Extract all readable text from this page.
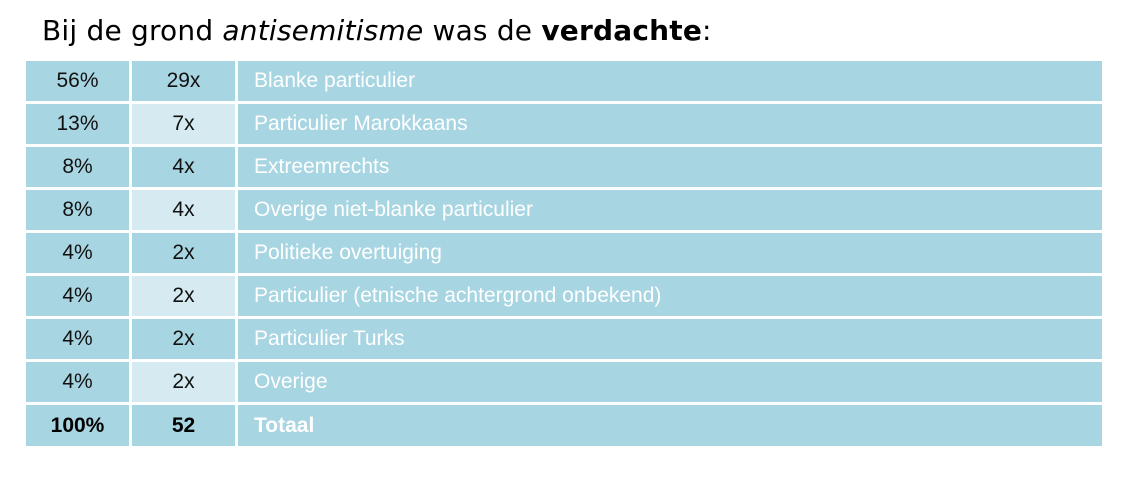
Bij de grond antisemitisme was de verdachte:
56%	29x	Blanke particulier
13%	7x	Particulier Marokkaans
8%	4x	Extreemrechts
8%	4x	Overige niet-blanke particulier
4%	2x	Politieke overtuiging
4%	2x	Particulier (etnische achtergrond onbekend)
4%	2x	Particulier Turks
4%	2x	Overige
100%	52	Totaal
